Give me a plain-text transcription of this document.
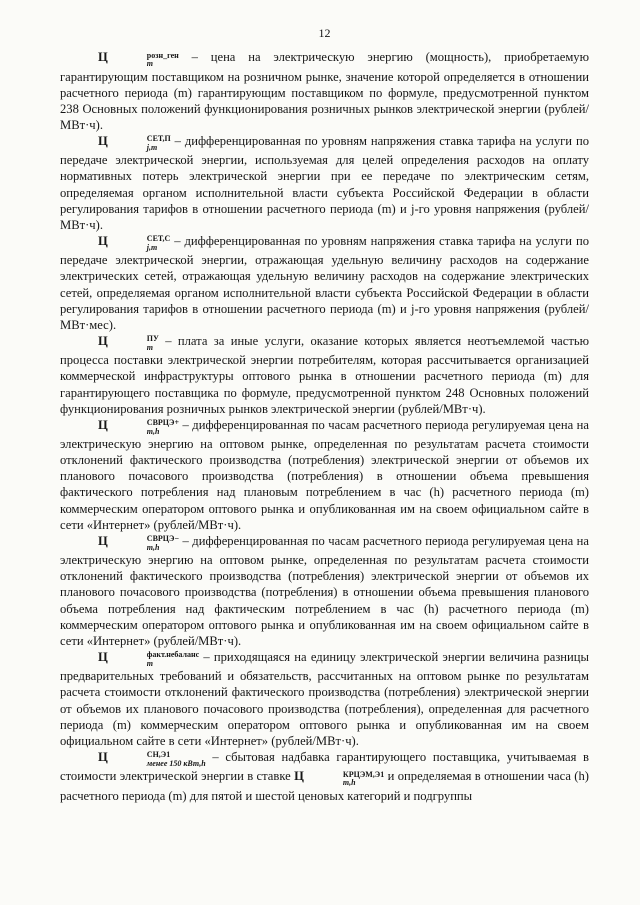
12

Ц	розн_ген
m	– цена на электрическую энергию (мощность), приобретаемую гарантирующим поставщиком на розничном рынке, значение которой определяется в отношении расчетного периода (m) гарантирующим поставщиком по формуле, предусмотренной пунктом 238 Основных положений функционирования розничных рынков электрической энергии (рублей/МВт·ч).

Ц	СЕТ,П
j,m	– дифференцированная по уровням напряжения ставка тарифа на услуги по передаче электрической энергии, используемая для целей определения расходов на оплату нормативных потерь электрической энергии при ее передаче по электрическим сетям, определяемая органом исполнительной власти субъекта Российской Федерации в области регулирования тарифов в отношении расчетного периода (m) и j-го уровня напряжения (рублей/МВт·ч).

Ц	СЕТ,С
j,m	– дифференцированная по уровням напряжения ставка тарифа на услуги по передаче электрической энергии, отражающая удельную величину расходов на содержание электрических сетей, отражающая удельную величину расходов на содержание электрических сетей, определяемая органом исполнительной власти субъекта Российской Федерации в области регулирования тарифов в отношении расчетного периода (m) и j-го уровня напряжения (рублей/МВт·мес).

Ц	ПУ
m – плата за иные услуги, оказание которых является неотъемлемой частью процесса поставки электрической энергии потребителям, которая рассчитывается организацией коммерческой инфраструктуры оптового рынка в отношении расчетного периода (m) для гарантирующего поставщика по формуле, предусмотренной пунктом 248 Основных положений функционирования розничных рынков электрической энергии (рублей/МВт·ч).

Ц	СВРЦЭ+
m,h	– дифференцированная по часам расчетного периода регулируемая цена на электрическую энергию на оптовом рынке, определенная по результатам расчета стоимости отклонений фактического производства (потребления) электрической энергии от объемов их планового почасового производства (потребления) в отношении объема превышения фактического потребления над плановым потреблением в час (h) расчетного периода (m) коммерческим оператором оптового рынка и опубликованная им на своем официальном сайте в сети «Интернет» (рублей/МВт·ч).

Ц	СВРЦЭ−
m,h	– дифференцированная по часам расчетного периода регулируемая цена на электрическую энергию на оптовом рынке, определенная по результатам расчета стоимости отклонений фактического производства (потребления) электрической энергии от объемов их планового почасового производства (потребления) в отношении объема превышения планового объема потребления над фактическим потреблением в час (h) расчетного периода (m) коммерческим оператором оптового рынка и опубликованная им на своем официальном сайте в сети «Интернет» (рублей/МВт·ч).

Ц	факт.небаланс
m	– приходящаяся на единицу электрической энергии величина разницы предварительных требований и обязательств, рассчитанных на оптовом рынке по результатам расчета стоимости отклонений фактического производства (потребления) электрической энергии от объемов их планового почасового производства (потребления), определенная для расчетного периода (m) коммерческим оператором оптового рынка и опубликованная им на своем официальном сайте в сети «Интернет» (рублей/МВт·ч).

Ц	СН,Э1
менее 150 кВт,h – сбытовая надбавка гарантирующего поставщика, учитываемая в стоимости электрической энергии в ставке Ц	КРЦЭМ,Э1
m,h	и определяемая в отношении часа (h) расчетного периода (m) для пятой и шестой ценовых категорий и подгруппы
